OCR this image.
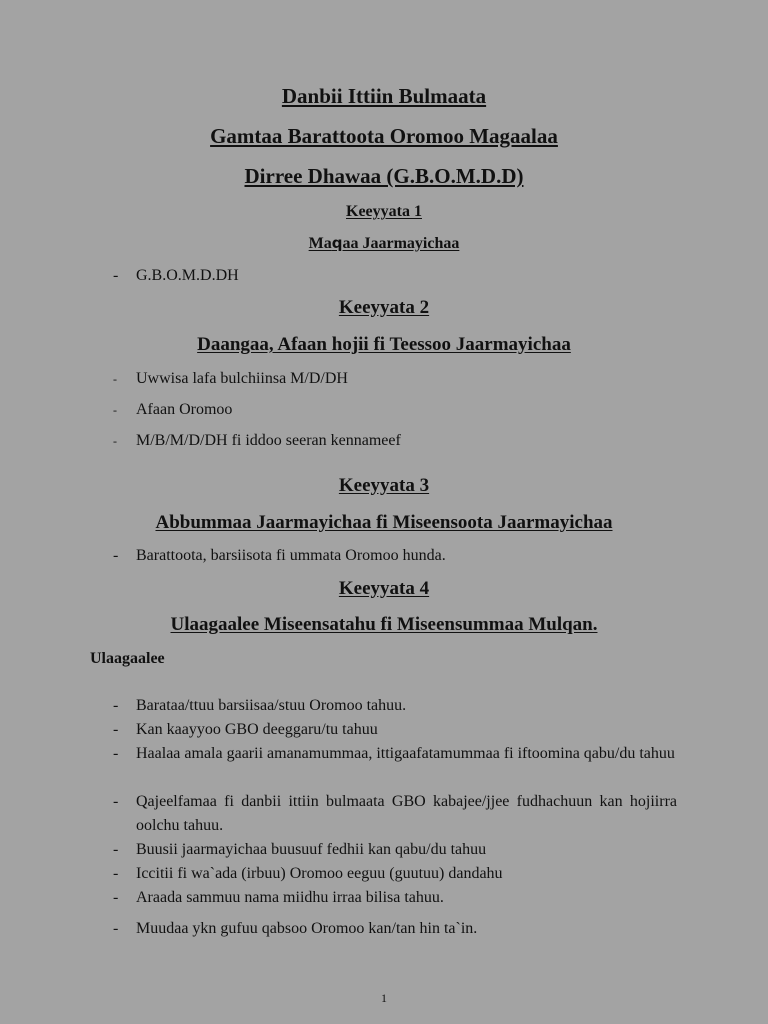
Danbii Ittiin Bulmaata
Gamtaa Barattoota Oromoo Magaalaa
Dirree Dhawaa (G.B.O.M.D.D)
Keeyyata 1
Maqaa Jaarmayichaa
- G.B.O.M.D.DH
Keeyyata 2
Daangaa, Afaan hojii fi Teessoo Jaarmayichaa
-	Uwwisa lafa bulchiinsa M/D/DH
-	Afaan Oromoo
-	M/B/M/D/DH fi iddoo seeran kennameef
Keeyyata 3
Abbummaa Jaarmayichaa fi Miseensoota Jaarmayichaa
- Barattoota, barsiisota fi ummata Oromoo hunda.
Keeyyata 4
Ulaagaalee Miseensatahu fi Miseensummaa Mulqan.
Ulaagaalee
- Barataa/ttuu barsiisaa/stuu Oromoo tahuu.
- Kan kaayyoo GBO deeggaru/tu tahuu
- Haalaa amala gaarii amanamummaa, ittigaafatamummaa fi iftoomina qabu/du tahuu
- Qajeelfamaa fi danbii ittiin bulmaata GBO kabajee/jjee fudhachuun kan hojiirra oolchu tahuu.
- Buusii jaarmayichaa buusuuf fedhii kan qabu/du tahuu
- Iccitii fi wa`ada (irbuu) Oromoo eeguu (guutuu) dandahu
- Araada sammuu nama miidhu irraa bilisa tahuu.
- Muudaa ykn gufuu qabsoo Oromoo kan/tan hin ta`in.
1
